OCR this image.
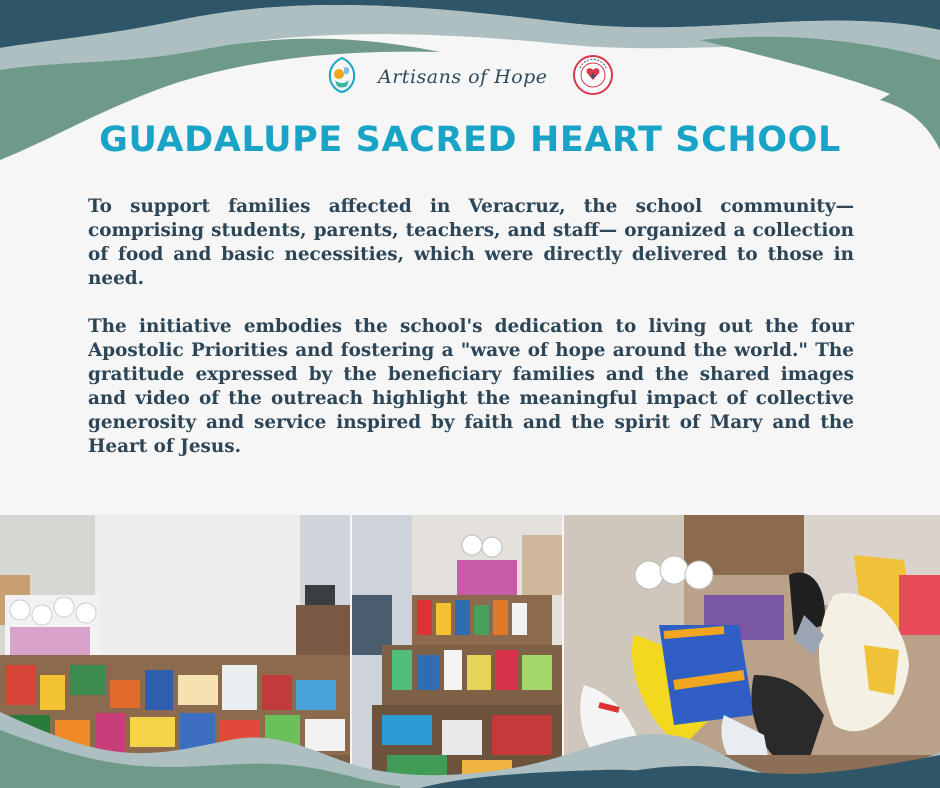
Artisans of Hope
GUADALUPE SACRED HEART SCHOOL

To support families affected in Veracruz, the school community—comprising students, parents, teachers, and staff— organized a collection of food and basic necessities, which were directly delivered to those in need.

The initiative embodies the school's dedication to living out the four Apostolic Priorities and fostering a "wave of hope around the world." The gratitude expressed by the beneficiary families and the shared images and video of the outreach highlight the meaningful impact of collective generosity and service inspired by faith and the spirit of Mary and the Heart of Jesus.
